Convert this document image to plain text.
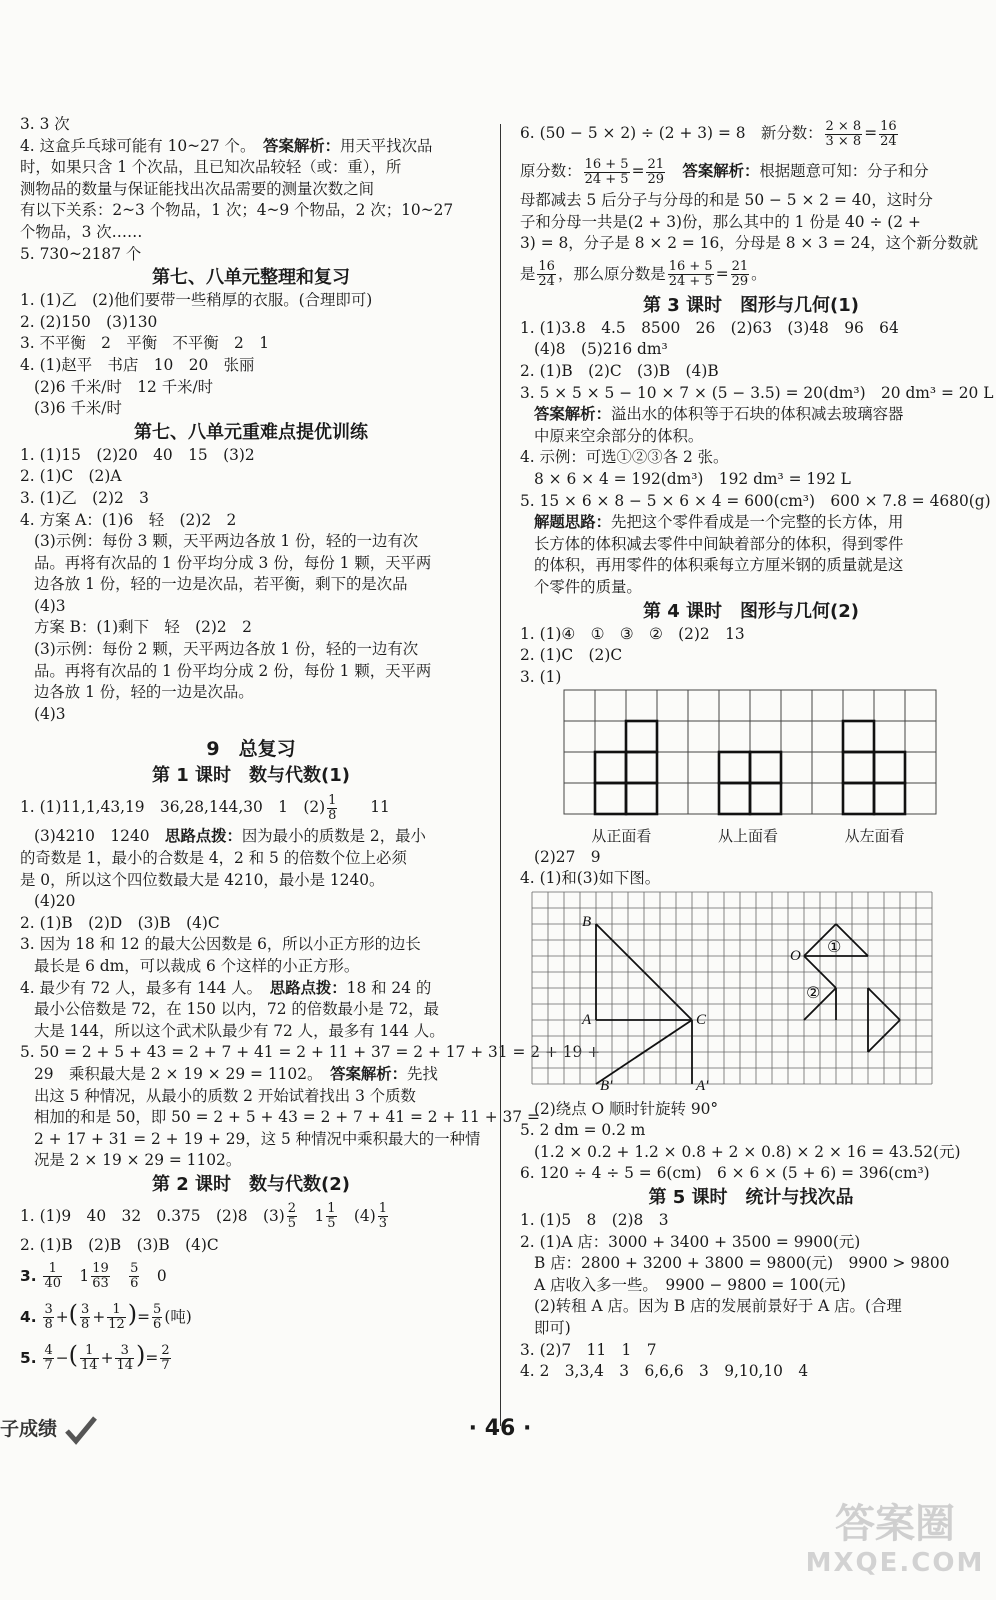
3. 3 次

4. 这盒乒乓球可能有 10~27 个。　 答案解析：用天平找次品

时，如果只含 1 个次品，且已知次品较轻（或：重），所

测物品的数量与保证能找出次品需要的测量次数之间

有以下关系：2~3 个物品，1 次；4~9 个物品，2 次；10~27

个物品，3 次……

5. 730~2187 个

第七、八单元整理和复习

1. (1)乙　(2)他们要带一些稍厚的衣服。(合理即可)

2. (2)150　(3)130

3. 不平衡　2　平衡　不平衡　2　1

4. (1)赵平　书店　10　20　张丽

(2)6 千米/时　12 千米/时

(3)6 千米/时

第七、八单元重难点提优训练

1. (1)15　(2)20　40　15　(3)2

2. (1)C　(2)A

3. (1)乙　(2)2　3

4. 方案 A：(1)6　轻　(2)2　2

(3)示例：每份 3 颗，天平两边各放 1 份，轻的一边有次

品。再将有次品的 1 份平均分成 3 份，每份 1 颗，天平两

边各放 1 份，轻的一边是次品，若平衡，剩下的是次品

(4)3

方案 B：(1)剩下　轻　(2)2　2

(3)示例：每份 2 颗，天平两边各放 1 份，轻的一边有次

品。再将有次品的 1 份平均分成 2 份，每份 1 颗，天平两

边各放 1 份，轻的一边是次品。

(4)3

9　总复习
第 1 课时　数与代数(1)

1. (1)11,1,43,19　36,28,144,30　1　$(2) \frac{1}{8}$
　　 11

(3)4210　1240　思路点拨：因为最小的质数是 2，最小

的奇数是 1，最小的合数是 4，2 和 5 的倍数个位上必须

是 0，所以这个四位数最大是 4210，最小是 1240。

(4)20

2. (1)B　(2)D　(3)B　(4)C

3. 因为 18 和 12 的最大公因数是 6，所以小正方形的边长

最长是 6 dm，可以裁成 6 个这样的小正方形。

4. 最少有 72 人，最多有 144 人。　思路点拨：18 和 24 的

最小公倍数是 72，在 150 以内，72 的倍数最小是 72，最

大是 144，所以这个武术队最少有 72 人，最多有 144 人。

5. 50 = 2 + 5 + 43 = 2 + 7 + 41 = 2 + 11 + 37 = 2 + 17 + 31 = 2 + 19 +

29　乘积最大是 2 × 19 × 29 = 1102。　答案解析：先找

出这 5 种情况，从最小的质数 2 开始试着找出 3 个质数

相加的和是 50，即 50 = 2 + 5 + 43 = 2 + 7 + 41 = 2 + 11 + 37 =

2 + 17 + 31 = 2 + 19 + 29，这 5 种情况中乘积最大的一种情

况是 2 × 19 × 29 = 1102。

第 2 课时　数与代数(2)

1. (1)9　40　32　0.375　(2)8　$(3) \frac{2}{5}$
　 $1 \frac{1}{5}$
　 $(4) \frac{1}{3}$

2. (1)B　(2)B　(3)B　(4)C

3. $\frac{1}{40}$
　 $1 \frac{19}{63}$
　 $\frac{5}{6}$
　 0

4. $\frac{3}{8}$ +( $\frac{3}{8} + \frac{1}{12}$ )= $\frac{5}{6}$ (吨)

5. $\frac{4}{7}$ −( $\frac{1}{14} + \frac{3}{14}$ )= $\frac{2}{7}$

6. (50 − 5 × 2) ÷ (2 + 3) = 8　新分数： $\frac{2 \times 8}{3 \times 8} = \frac{16}{24}$

原分数： $\frac{16 + 5}{24 + 5} = \frac{21}{29}$
　 答案解析：根据题意可知：分子和分

母都减去 5 后分子与分母的和是 50 − 5 × 2 = 40，这时分

子和分母一共是(2 + 3)份，那么其中的 1 份是 40 ÷ (2 +

3) = 8，分子是 8 × 2 = 16，分母是 8 × 3 = 24，这个新分数就

是 $\frac{16}{24}$ ，那么原分数是 $\frac{16 + 5}{24 + 5} = \frac{21}{29}$ 。

第 3 课时　图形与几何(1)

1. (1)3.8　4.5　8500　26　(2)63　(3)48　96　64

(4)8　(5)216 dm³

2. (1)B　(2)C　(3)B　(4)B

3. 5 × 5 × 5 − 10 × 7 × (5 − 3.5) = 20(dm³)　20 dm³ = 20 L

答案解析：溢出水的体积等于石块的体积减去玻璃容器

中原来空余部分的体积。

4. 示例：可选①②③各 2 张。

8 × 6 × 4 = 192(dm³)　192 dm³ = 192 L

5. 15 × 6 × 8 − 5 × 6 × 4 = 600(cm³)　600 × 7.8 = 4680(g)

解题思路：先把这个零件看成是一个完整的长方体，用

长方体的体积减去零件中间缺着部分的体积，得到零件

的体积，再用零件的体积乘每立方厘米钢的质量就是这

个零件的质量。

第 4 课时　图形与几何(2)

1. (1)④　①　③　②　(2)2　13

2. (1)C　(2)C

3. (1)

从正面看	从上面看	从左面看

(2)27　9

4. (1)和(3)如下图。

B
A	C
B′	A′
O ①
②

(2)绕点 O 顺时针旋转 90°

5. 2 dm = 0.2 m

(1.2 × 0.2 + 1.2 × 0.8 + 2 × 0.8) × 2 × 16 = 43.52(元)

6. 120 ÷ 4 ÷ 5 = 6(cm)　6 × 6 × (5 + 6) = 396(cm³)

第 5 课时　统计与找次品

1. (1)5　8　(2)8　3

2. (1)A 店：3000 + 3400 + 3500 = 9900(元)

B 店：2800 + 3200 + 3800 = 9800(元)　9900 > 9800

A 店收入多一些。　9900 − 9800 = 100(元)

(2)转租 A 店。因为 B 店的发展前景好于 A 店。(合理

即可)

3. (2)7　11　1　7

4. 2　3,3,4　3　6,6,6　3　9,10,10　4

子成绩	· 46 ·
答案圈
MXQE.COM
